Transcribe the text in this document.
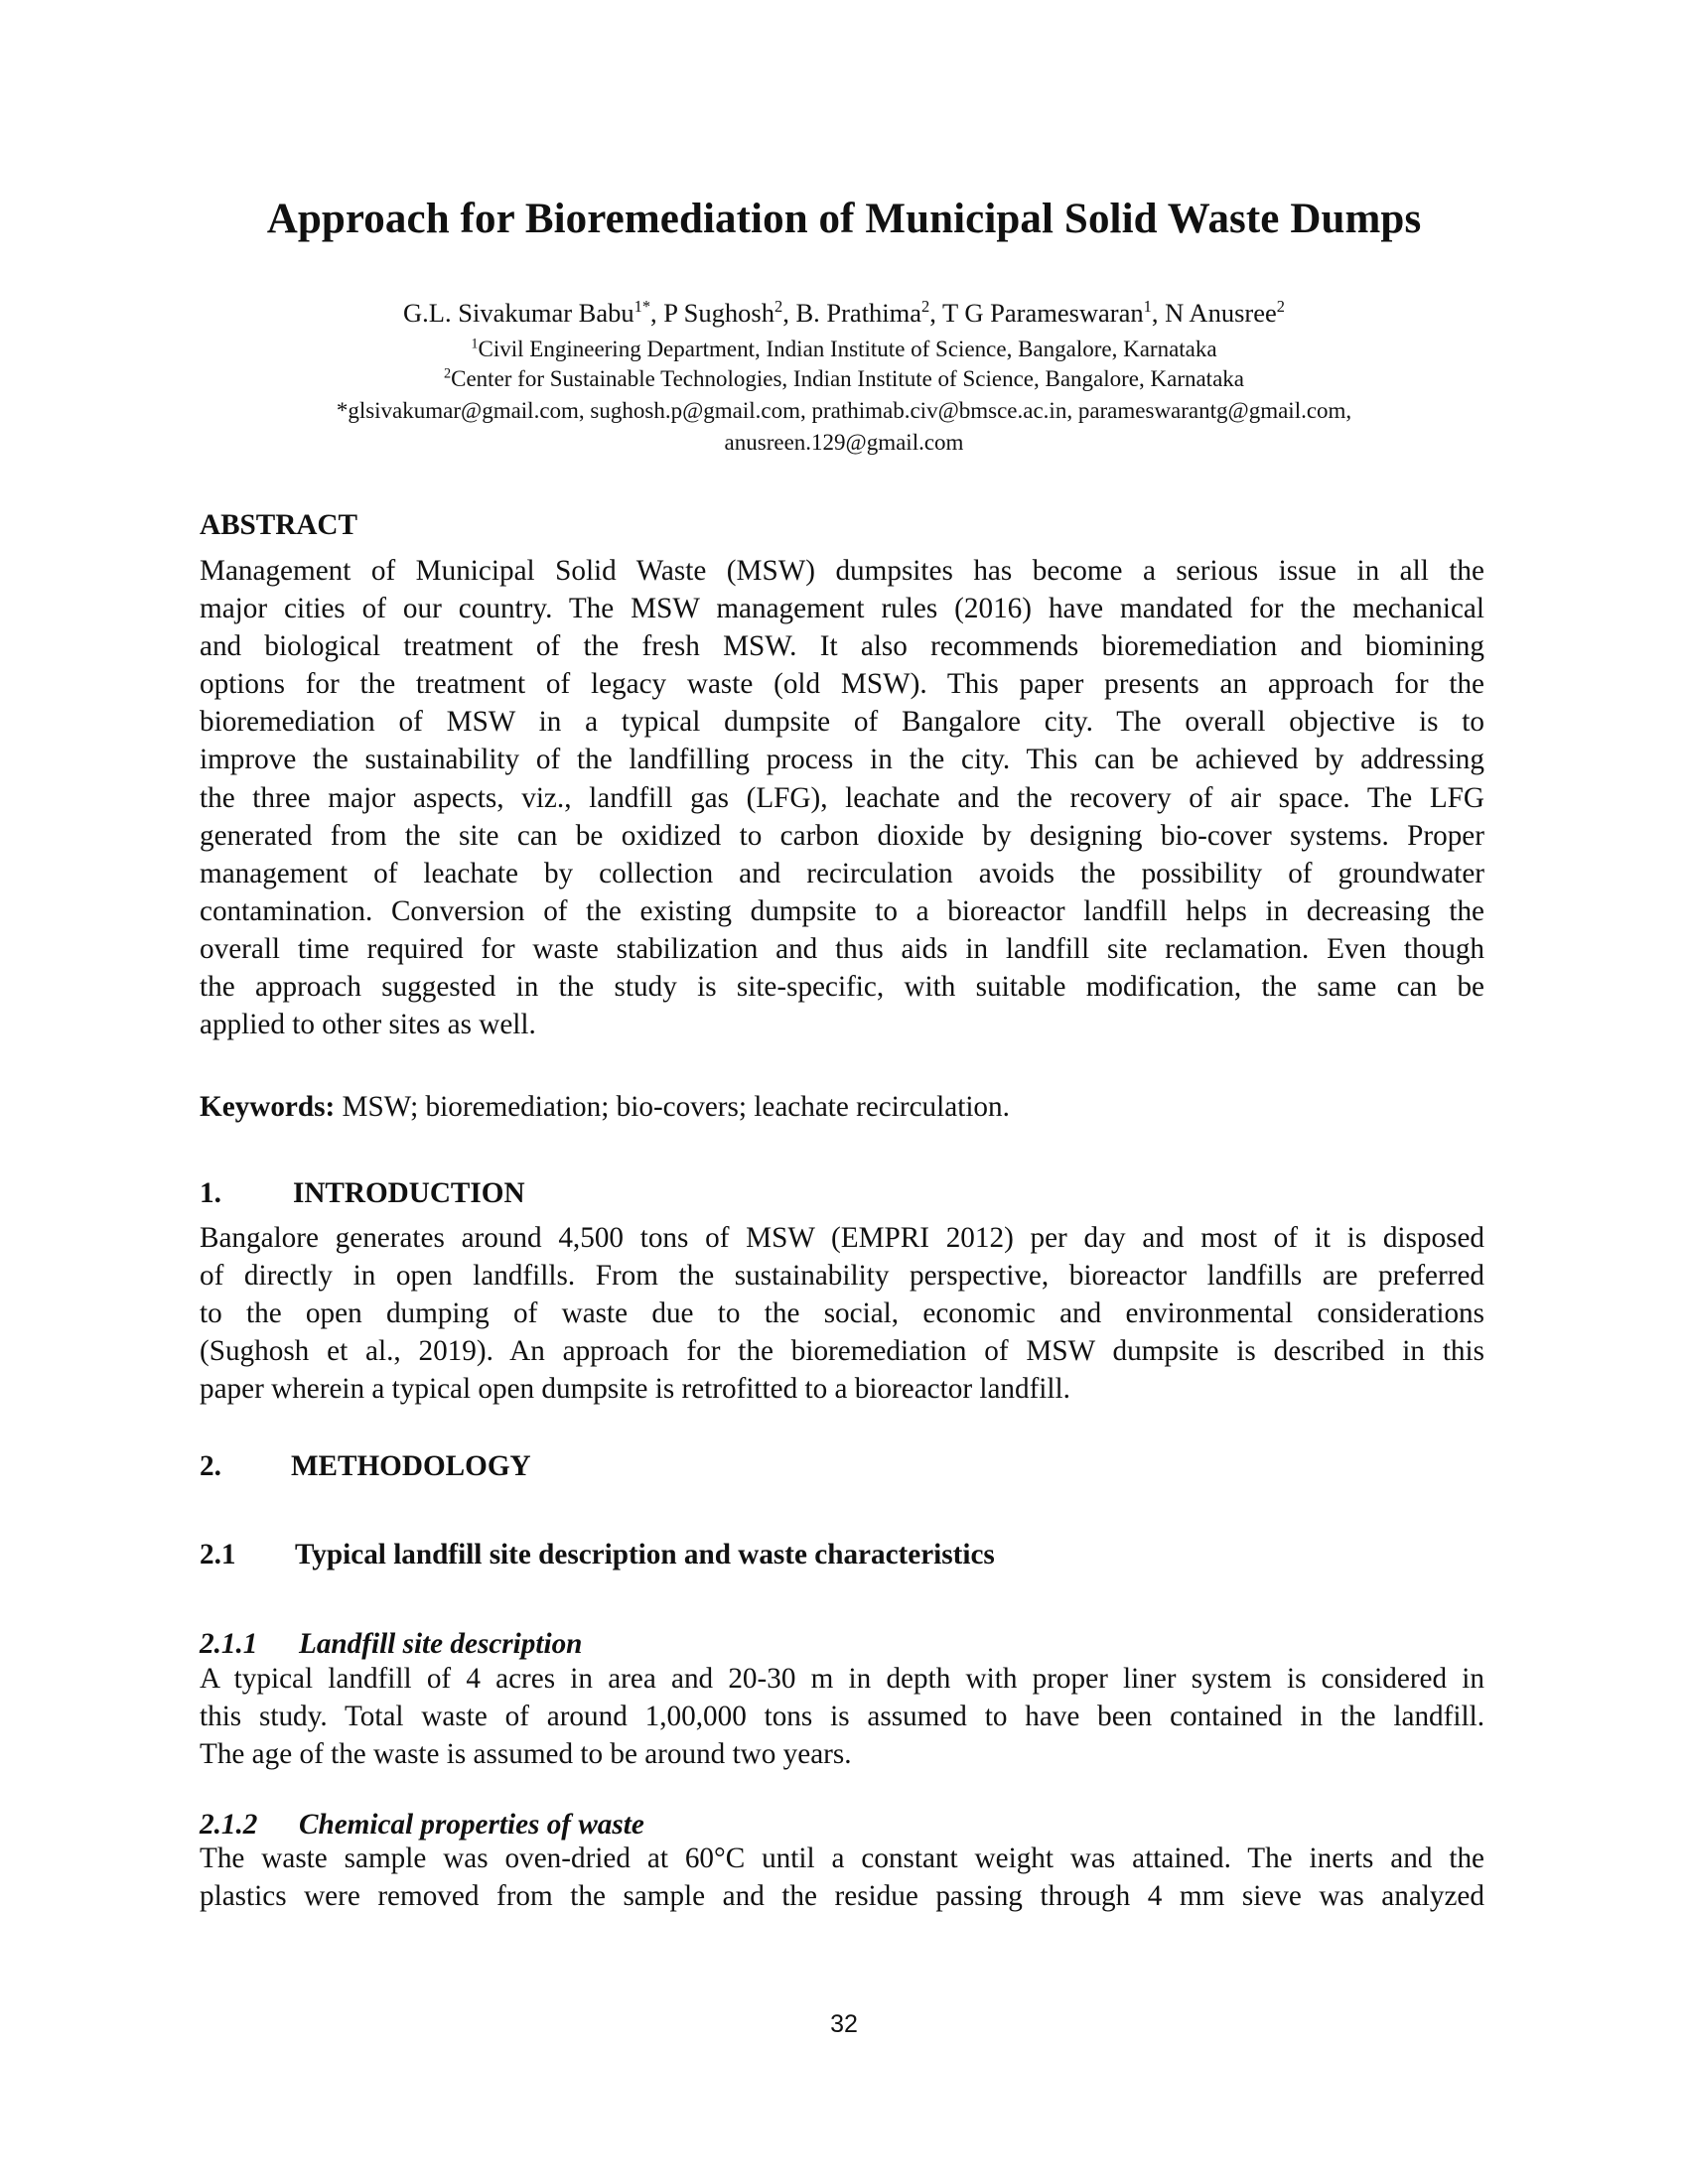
Approach for Bioremediation of Municipal Solid Waste Dumps
G.L. Sivakumar Babu$^{1*}$, P Sughosh$^2$, B. Prathima$^2$, T G Parameswaran$^1$, N Anusree$^2$
$^1$Civil Engineering Department, Indian Institute of Science, Bangalore, Karnataka
$^2$Center for Sustainable Technologies, Indian Institute of Science, Bangalore, Karnataka
*glsivakumar@gmail.com, sughosh.p@gmail.com, prathimab.civ@bmsce.ac.in, parameswarantg@gmail.com,
anusreen.129@gmail.com
ABSTRACT
Management of Municipal Solid Waste (MSW) dumpsites has become a serious issue in all the
major cities of our country. The MSW management rules (2016) have mandated for the mechanical
and biological treatment of the fresh MSW. It also recommends bioremediation and biomining
options for the treatment of legacy waste (old MSW). This paper presents an approach for the
bioremediation of MSW in a typical dumpsite of Bangalore city. The overall objective is to
improve the sustainability of the landfilling process in the city. This can be achieved by addressing
the three major aspects, viz., landfill gas (LFG), leachate and the recovery of air space. The LFG
generated from the site can be oxidized to carbon dioxide by designing bio-cover systems. Proper
management of leachate by collection and recirculation avoids the possibility of groundwater
contamination. Conversion of the existing dumpsite to a bioreactor landfill helps in decreasing the
overall time required for waste stabilization and thus aids in landfill site reclamation. Even though
the approach suggested in the study is site-specific, with suitable modification, the same can be
applied to other sites as well.
Keywords: MSW; bioremediation; bio-covers; leachate recirculation.
1. INTRODUCTION
Bangalore generates around 4,500 tons of MSW (EMPRI 2012) per day and most of it is disposed
of directly in open landfills. From the sustainability perspective, bioreactor landfills are preferred
to the open dumping of waste due to the social, economic and environmental considerations
(Sughosh et al., 2019). An approach for the bioremediation of MSW dumpsite is described in this
paper wherein a typical open dumpsite is retrofitted to a bioreactor landfill.
2. METHODOLOGY
2.1 Typical landfill site description and waste characteristics
2.1.1 Landfill site description
A typical landfill of 4 acres in area and 20-30 m in depth with proper liner system is considered in
this study. Total waste of around 1,00,000 tons is assumed to have been contained in the landfill.
The age of the waste is assumed to be around two years.
2.1.2 Chemical properties of waste
The waste sample was oven-dried at 60°C until a constant weight was attained. The inerts and the
plastics were removed from the sample and the residue passing through 4 mm sieve was analyzed
32
